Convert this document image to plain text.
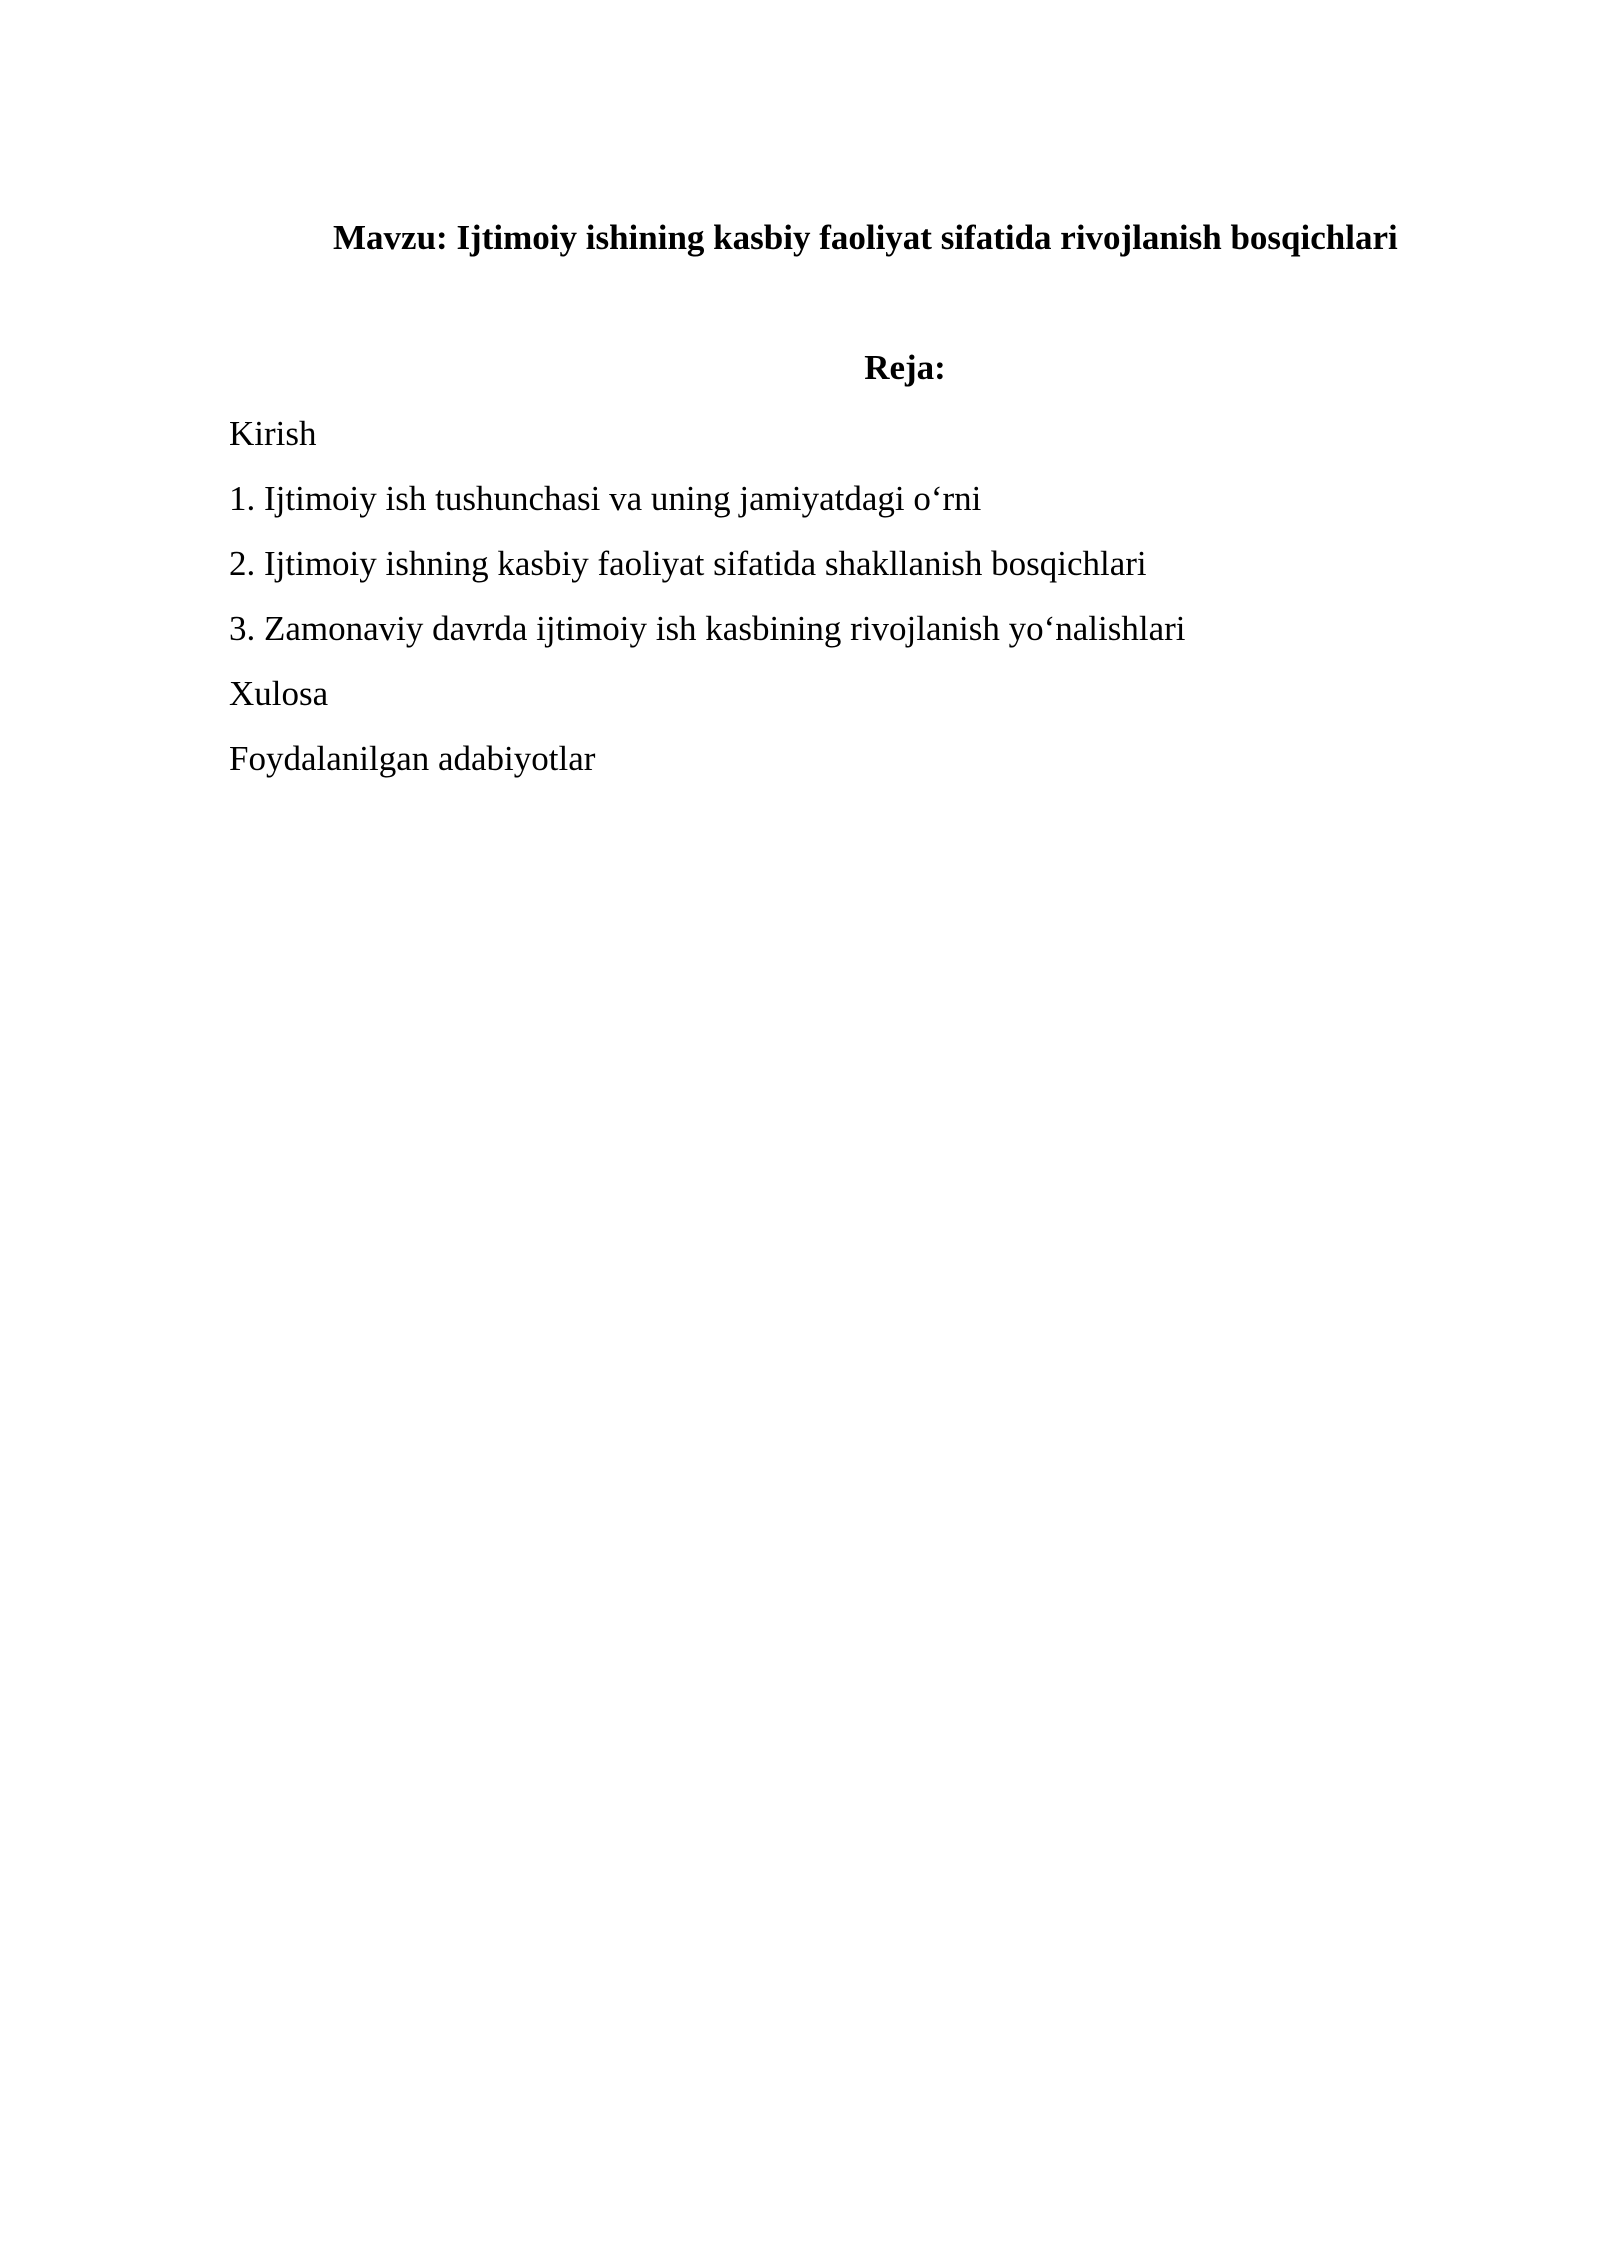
Mavzu: Ijtimoiy ishining kasbiy faoliyat sifatida rivojlanish bosqichlari
Reja:
Kirish
1. Ijtimoiy ish tushunchasi va uning jamiyatdagi o‘rni
2. Ijtimoiy ishning kasbiy faoliyat sifatida shakllanish bosqichlari
3. Zamonaviy davrda ijtimoiy ish kasbining rivojlanish yo‘nalishlari
Xulosa
Foydalanilgan adabiyotlar
